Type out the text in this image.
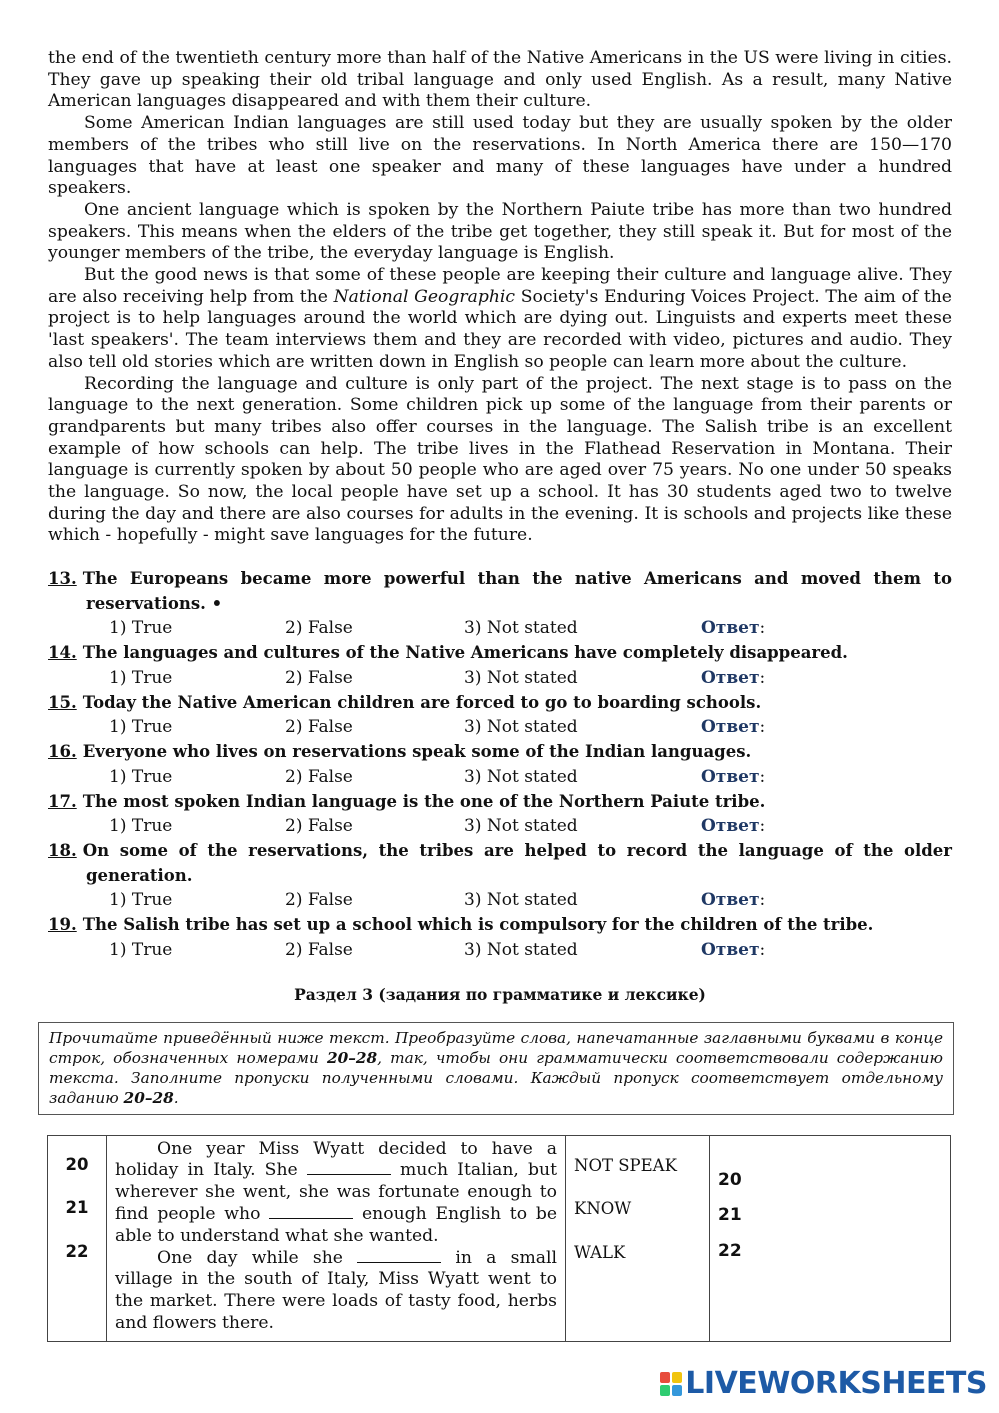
the end of the twentieth century more than half of the Native Americans in the US were living in cities. They gave up speaking their old tribal language and only used English. As a result, many Native American languages disappeared and with them their culture.

Some American Indian languages are still used today but they are usually spoken by the older members of the tribes who still live on the reservations. In North America there are 150—170 languages that have at least one speaker and many of these languages have under a hundred speakers.

One ancient language which is spoken by the Northern Paiute tribe has more than two hundred speakers. This means when the elders of the tribe get together, they still speak it. But for most of the younger members of the tribe, the everyday language is English.

But the good news is that some of these people are keeping their culture and language alive. They are also receiving help from the National Geographic Society's Enduring Voices Project. The aim of the project is to help languages around the world which are dying out. Linguists and experts meet these 'last speakers'. The team interviews them and they are recorded with video, pictures and audio. They also tell old stories which are written down in English so people can learn more about the culture.

Recording the language and culture is only part of the project. The next stage is to pass on the language to the next generation. Some children pick up some of the language from their parents or grandparents but many tribes also offer courses in the language. The Salish tribe is an excellent example of how schools can help. The tribe lives in the Flathead Reservation in Montana. Their language is currently spoken by about 50 people who are aged over 75 years. No one under 50 speaks the language. So now, the local people have set up a school. It has 30 students aged two to twelve during the day and there are also courses for adults in the evening. It is schools and projects like these which - hopefully - might save languages for the future.

13. The Europeans became more powerful than the native Americans and moved them to reservations. •
1) True	2) False	3) Not stated	Ответ:
14. The languages and cultures of the Native Americans have completely disappeared.
1) True	2) False	3) Not stated	Ответ:
15. Today the Native American children are forced to go to boarding schools.
1) True	2) False	3) Not stated	Ответ:
16. Everyone who lives on reservations speak some of the Indian languages.
1) True	2) False	3) Not stated	Ответ:
17. The most spoken Indian language is the one of the Northern Paiute tribe.
1) True	2) False	3) Not stated	Ответ:
18. On some of the reservations, the tribes are helped to record the language of the older generation.
1) True	2) False	3) Not stated	Ответ:
19. The Salish tribe has set up a school which is compulsory for the children of the tribe.
1) True	2) False	3) Not stated	Ответ:
Раздел 3 (задания по грамматике и лексике)
Прочитайте приведённый ниже текст. Преобразуйте слова, напечатанные заглавными буквами в конце строк, обозначенных номерами 20–28, так, чтобы они грамматически соответствовали содержанию текста. Заполните пропуски полученными словами. Каждый пропуск соответствует отдельному заданию 20–28.
20
21
22

One year Miss Wyatt decided to have a holiday in Italy. She	much Italian, but wherever she went, she was fortunate enough to find people who	enough English to be able to understand what she wanted.

One day while she	in a small village in the south of Italy, Miss Wyatt went to the market. There were loads of tasty food, herbs and flowers there.

NOT SPEAK
KNOW
WALK

20
21
22
LIVEWORKSHEETS
